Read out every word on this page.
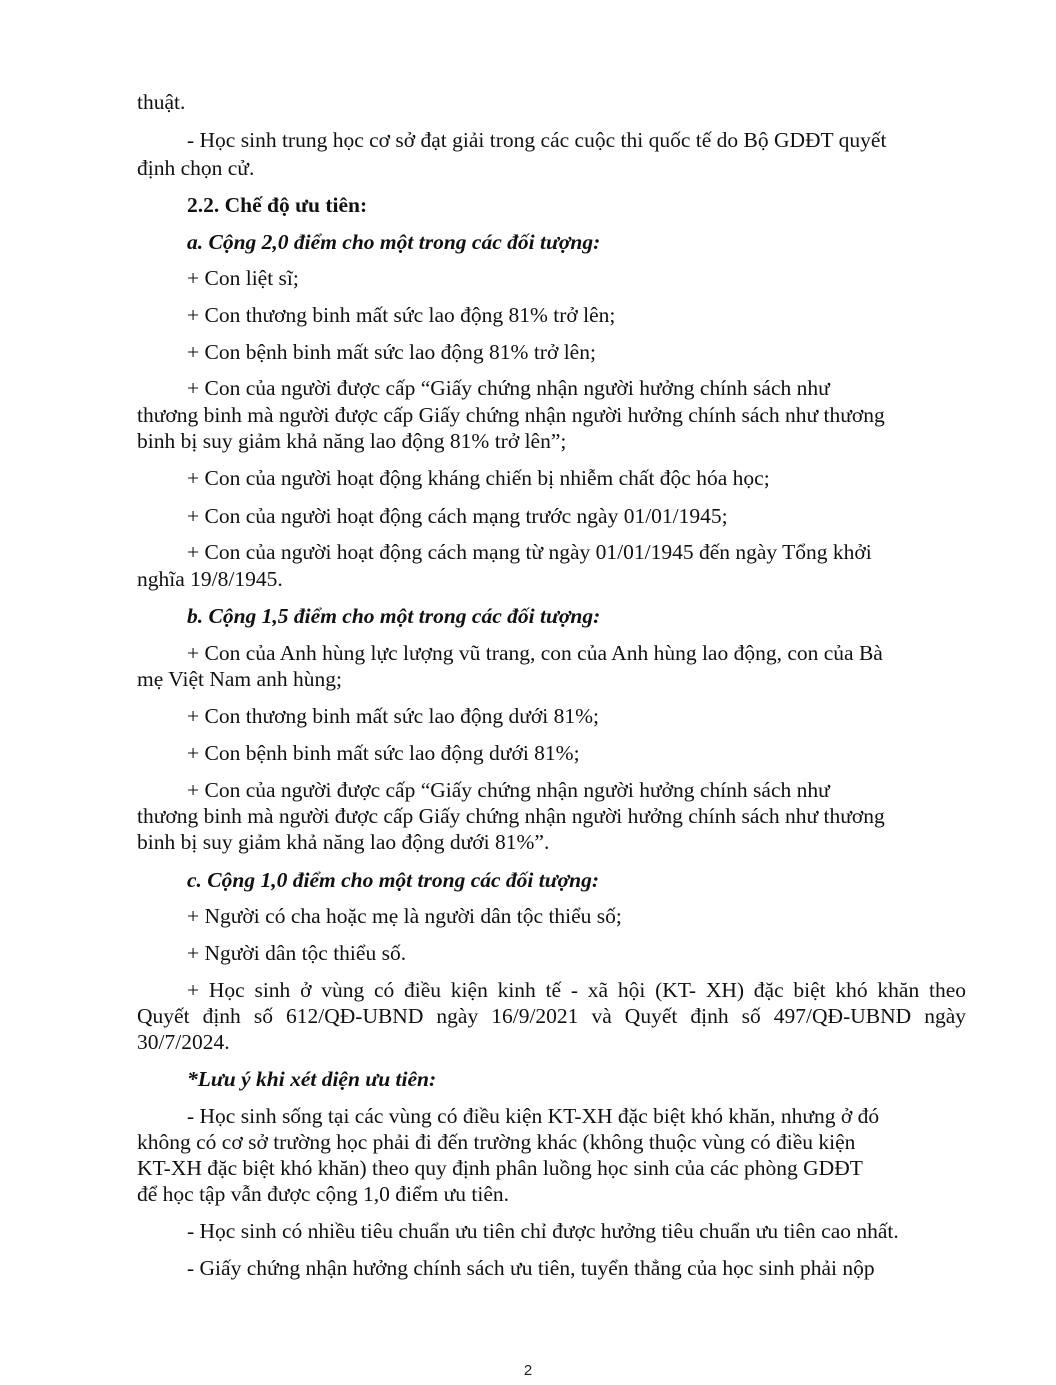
thuật.
- Học sinh trung học cơ sở đạt giải trong các cuộc thi quốc tế do Bộ GDĐT quyết
định chọn cử.
2.2. Chế độ ưu tiên:
a. Cộng 2,0 điểm cho một trong các đối tượng:
+ Con liệt sĩ;
+ Con thương binh mất sức lao động 81% trở lên;
+ Con bệnh binh mất sức lao động 81% trở lên;
+ Con của người được cấp “Giấy chứng nhận người hưởng chính sách như
thương binh mà người được cấp Giấy chứng nhận người hưởng chính sách như thương
binh bị suy giảm khả năng lao động 81% trở lên”;
+ Con của người hoạt động kháng chiến bị nhiễm chất độc hóa học;
+ Con của người hoạt động cách mạng trước ngày 01/01/1945;
+ Con của người hoạt động cách mạng từ ngày 01/01/1945 đến ngày Tổng khởi
nghĩa 19/8/1945.
b. Cộng 1,5 điểm cho một trong các đối tượng:
+ Con của Anh hùng lực lượng vũ trang, con của Anh hùng lao động, con của Bà
mẹ Việt Nam anh hùng;
+ Con thương binh mất sức lao động dưới 81%;
+ Con bệnh binh mất sức lao động dưới 81%;
+ Con của người được cấp “Giấy chứng nhận người hưởng chính sách như
thương binh mà người được cấp Giấy chứng nhận người hưởng chính sách như thương
binh bị suy giảm khả năng lao động dưới 81%”.
c. Cộng 1,0 điểm cho một trong các đối tượng:
+ Người có cha hoặc mẹ là người dân tộc thiểu số;
+ Người dân tộc thiểu số.
+ Học sinh ở vùng có điều kiện kinh tế - xã hội (KT- XH) đặc biệt khó khăn theo
Quyết định số 612/QĐ-UBND ngày 16/9/2021 và Quyết định số 497/QĐ-UBND ngày
30/7/2024.
*Lưu ý khi xét diện ưu tiên:
- Học sinh sống tại các vùng có điều kiện KT-XH đặc biệt khó khăn, nhưng ở đó
không có cơ sở trường học phải đi đến trường khác (không thuộc vùng có điều kiện
KT-XH đặc biệt khó khăn) theo quy định phân luồng học sinh của các phòng GDĐT
để học tập vẫn được cộng 1,0 điểm ưu tiên.
- Học sinh có nhiều tiêu chuẩn ưu tiên chỉ được hưởng tiêu chuẩn ưu tiên cao nhất.
- Giấy chứng nhận hưởng chính sách ưu tiên, tuyển thẳng của học sinh phải nộp
2
